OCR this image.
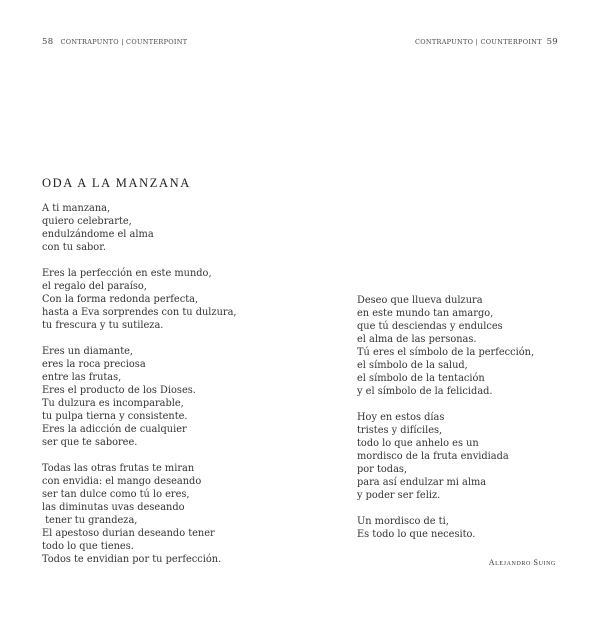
58 CONTRAPUNTO | COUNTERPOINT	CONTRAPUNTO | COUNTERPOINT 59
ODA A LA MANZANA
A ti manzana,
quiero celebrarte,
endulzándome el alma
con tu sabor.
Eres la perfección en este mundo,
el regalo del paraíso,
Con la forma redonda perfecta,
hasta a Eva sorprendes con tu dulzura,
tu frescura y tu sutileza.
Eres un diamante,
eres la roca preciosa
entre las frutas,
Eres el producto de los Dioses.
Tu dulzura es incomparable,
tu pulpa tierna y consistente.
Eres la adicción de cualquier
ser que te saboree.
Todas las otras frutas te miran
con envidia: el mango deseando
ser tan dulce como tú lo eres,
las diminutas uvas deseando
tener tu grandeza,
El apestoso durian deseando tener
todo lo que tienes.
Todos te envidian por tu perfección.
Deseo que llueva dulzura
en este mundo tan amargo,
que tú desciendas y endulces
el alma de las personas.
Tú eres el símbolo de la perfección,
el símbolo de la salud,
el símbolo de la tentación
y el símbolo de la felicidad.
Hoy en estos días
tristes y difíciles,
todo lo que anhelo es un
mordisco de la fruta envidiada
por todas,
para así endulzar mi alma
y poder ser feliz.
Un mordisco de ti,
Es todo lo que necesito.
Alejandro Suing
